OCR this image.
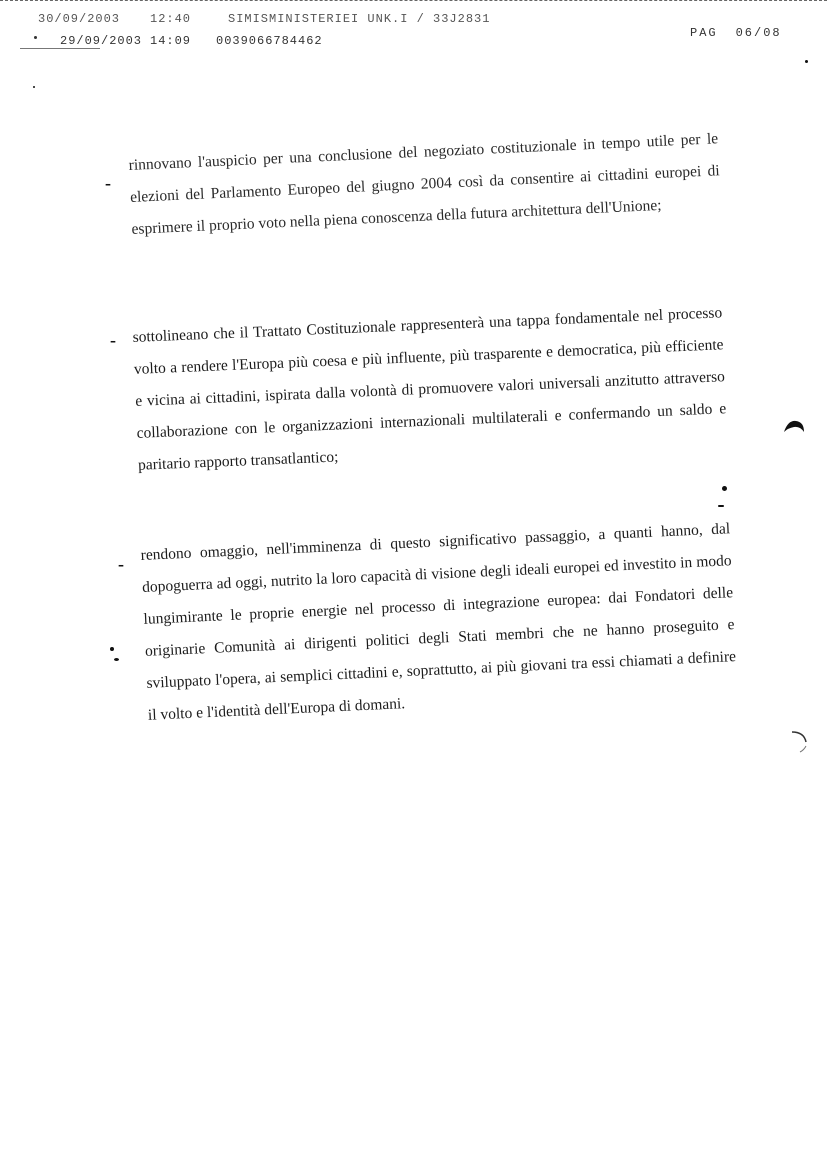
30/09/2003 12:40	SIMISMINISTERIEI UNK.I / 33J2831
29/09/2003 14:09 0039066784462
PAG 06/08
-

rinnovano l'auspicio per una conclusione del negoziato costituzionale in tempo utile per le elezioni del Parlamento Europeo del giugno 2004 così da consentire ai cittadini europei di esprimere il proprio voto nella piena conoscenza della futura architettura dell'Unione;

- sottolineano che il Trattato Costituzionale rappresenterà una tappa fondamentale nel processo volto a rendere l'Europa più coesa e più influente, più trasparente e democratica, più efficiente e vicina ai cittadini, ispirata dalla volontà di promuovere valori universali anzitutto attraverso collaborazione con le organizzazioni internazionali multilaterali e confermando un saldo e paritario rapporto transatlantico;

-

rendono omaggio, nell'imminenza di questo significativo passaggio, a quanti hanno, dal dopoguerra ad oggi, nutrito la loro capacità di visione degli ideali europei ed investito in modo lungimirante le proprie energie nel processo di integrazione europea: dai Fondatori delle originarie Comunità ai dirigenti politici degli Stati membri che ne hanno proseguito e sviluppato l'opera, ai semplici cittadini e, soprattutto, ai più giovani tra essi chiamati a definire il volto e l'identità dell'Europa di domani.
